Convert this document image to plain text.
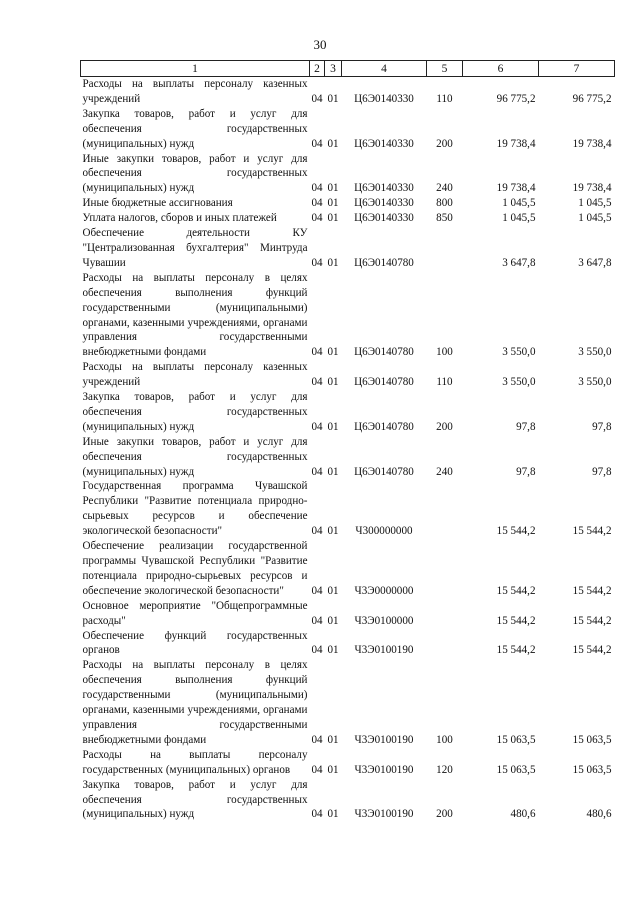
30
1	2	3	4	5	6	7
Расходы на выплаты персоналу казенных учреждений	04	01	Ц6Э0140330	110	96 775,2	96 775,2
Закупка товаров, работ и услуг для обеспечения государственных (муниципальных) нужд	04	01	Ц6Э0140330	200	19 738,4	19 738,4
Иные закупки товаров, работ и услуг для обеспечения государственных (муниципальных) нужд	04	01	Ц6Э0140330	240	19 738,4	19 738,4
Иные бюджетные ассигнования	04	01	Ц6Э0140330	800	1 045,5	1 045,5
Уплата налогов, сборов и иных платежей	04	01	Ц6Э0140330	850	1 045,5	1 045,5
Обеспечение деятельности КУ "Централизованная бухгалтерия" Минтруда Чувашии	04	01	Ц6Э0140780		3 647,8	3 647,8
Расходы на выплаты персоналу в целях обеспечения выполнения функций государственными (муниципальными) органами, казенными учреждениями, органами управления государственными внебюджетными фондами	04	01	Ц6Э0140780	100	3 550,0	3 550,0
Расходы на выплаты персоналу казенных учреждений	04	01	Ц6Э0140780	110	3 550,0	3 550,0
Закупка товаров, работ и услуг для обеспечения государственных (муниципальных) нужд	04	01	Ц6Э0140780	200	97,8	97,8
Иные закупки товаров, работ и услуг для обеспечения государственных (муниципальных) нужд	04	01	Ц6Э0140780	240	97,8	97,8
Государственная программа Чувашской Республики "Развитие потенциала природно-сырьевых ресурсов и обеспечение экологической безопасности"	04	01	Ч300000000		15 544,2	15 544,2
Обеспечение реализации государственной программы Чувашской Республики "Развитие потенциала природно-сырьевых ресурсов и обеспечение экологической безопасности"	04	01	Ч3Э0000000		15 544,2	15 544,2
Основное мероприятие "Общепрограммные расходы"	04	01	Ч3Э0100000		15 544,2	15 544,2
Обеспечение функций государственных органов	04	01	Ч3Э0100190		15 544,2	15 544,2
Расходы на выплаты персоналу в целях обеспечения выполнения функций государственными (муниципальными) органами, казенными учреждениями, органами управления государственными внебюджетными фондами	04	01	Ч3Э0100190	100	15 063,5	15 063,5
Расходы на выплаты персоналу государственных (муниципальных) органов	04	01	Ч3Э0100190	120	15 063,5	15 063,5
Закупка товаров, работ и услуг для обеспечения государственных (муниципальных) нужд	04	01	Ч3Э0100190	200	480,6	480,6
